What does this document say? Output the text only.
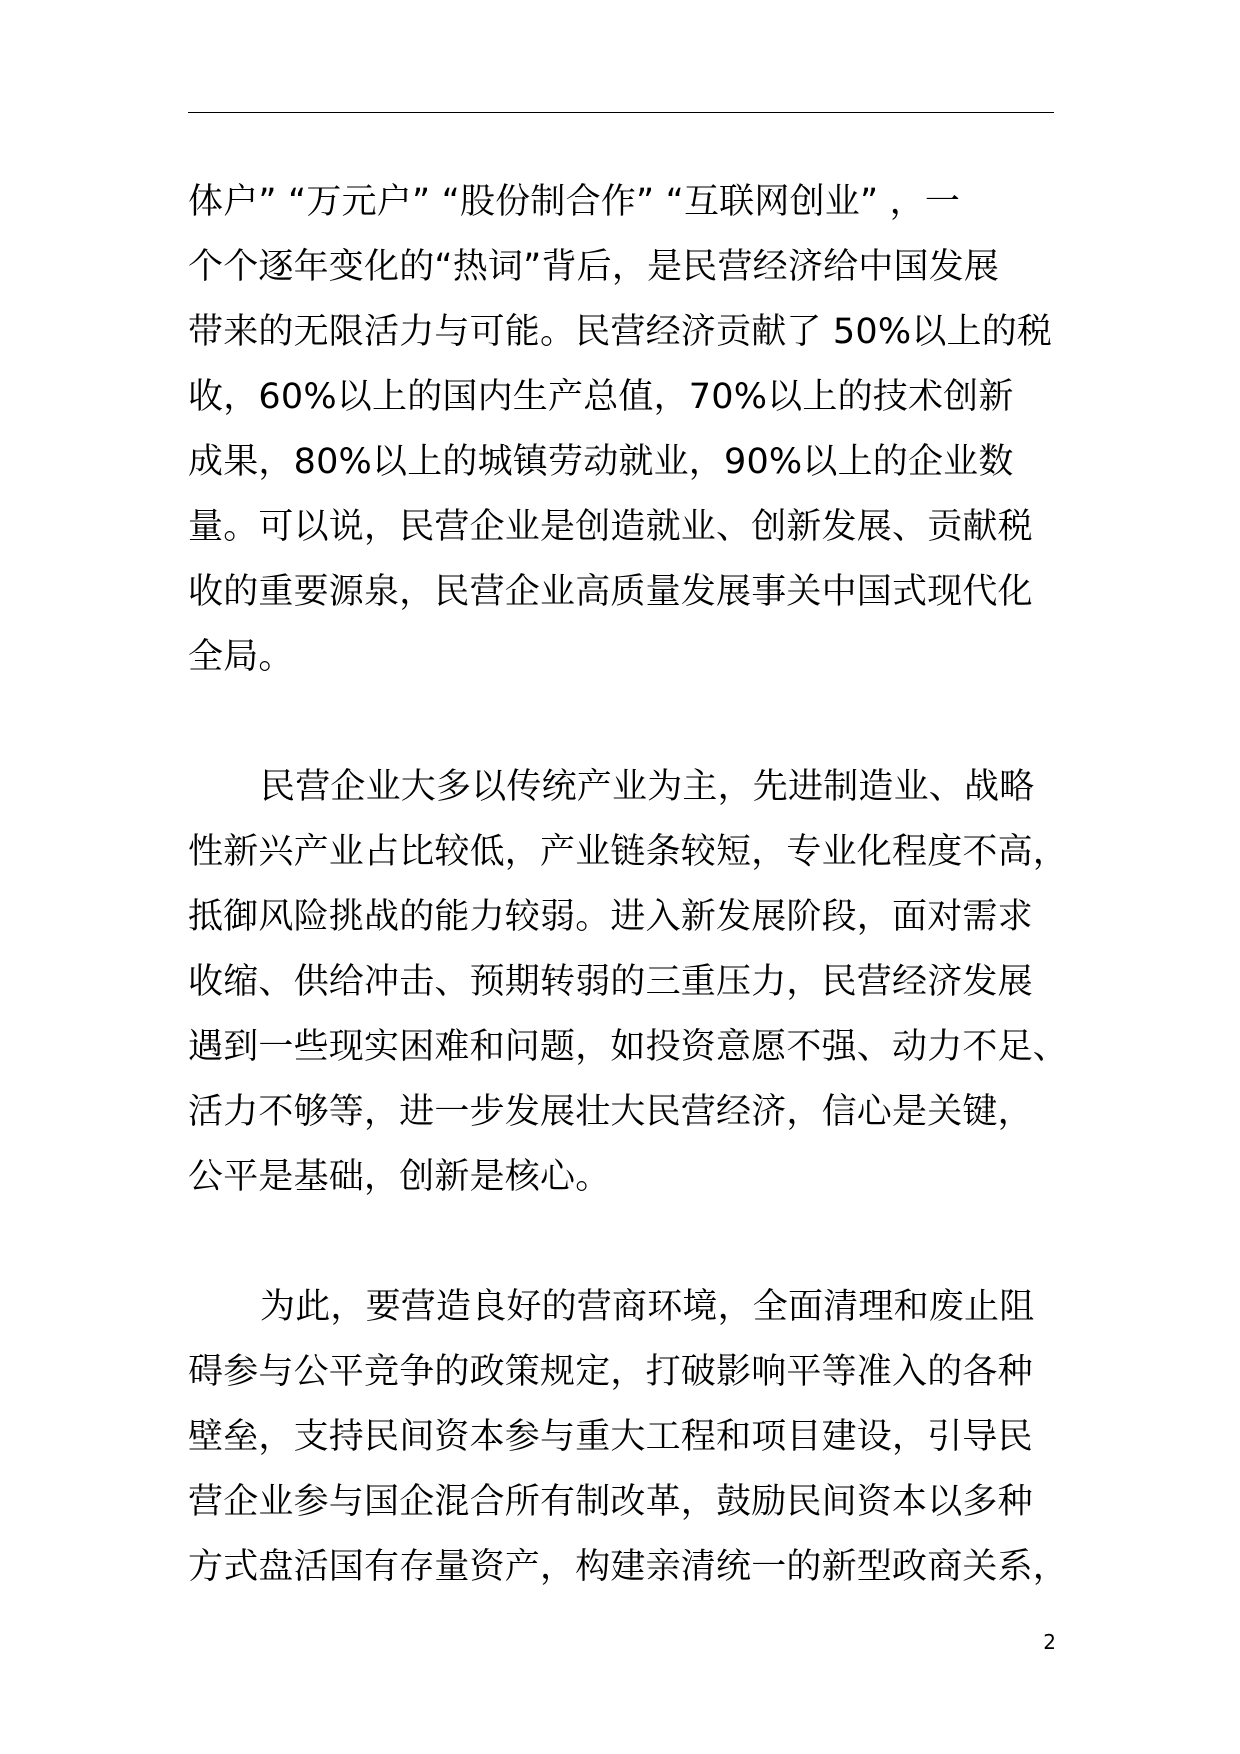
体户” “万元户” “股份制合作” “互联网创业” ，一
个个逐年变化的“热词”背后，是民营经济给中国发展
带来的无限活力与可能。民营经济贡献了 50%以上的税
收，60%以上的国内生产总值，70%以上的技术创新
成果，80%以上的城镇劳动就业，90%以上的企业数
量。可以说，民营企业是创造就业、创新发展、贡献税
收的重要源泉，民营企业高质量发展事关中国式现代化
全局。
民营企业大多以传统产业为主，先进制造业、战略
性新兴产业占比较低，产业链条较短，专业化程度不高，
抵御风险挑战的能力较弱。进入新发展阶段，面对需求
收缩、供给冲击、预期转弱的三重压力，民营经济发展
遇到一些现实困难和问题，如投资意愿不强、动力不足、
活力不够等，进一步发展壮大民营经济，信心是关键，
公平是基础，创新是核心。
为此，要营造良好的营商环境，全面清理和废止阻
碍参与公平竞争的政策规定，打破影响平等准入的各种
壁垒，支持民间资本参与重大工程和项目建设，引导民
营企业参与国企混合所有制改革，鼓励民间资本以多种
方式盘活国有存量资产，构建亲清统一的新型政商关系，
2
